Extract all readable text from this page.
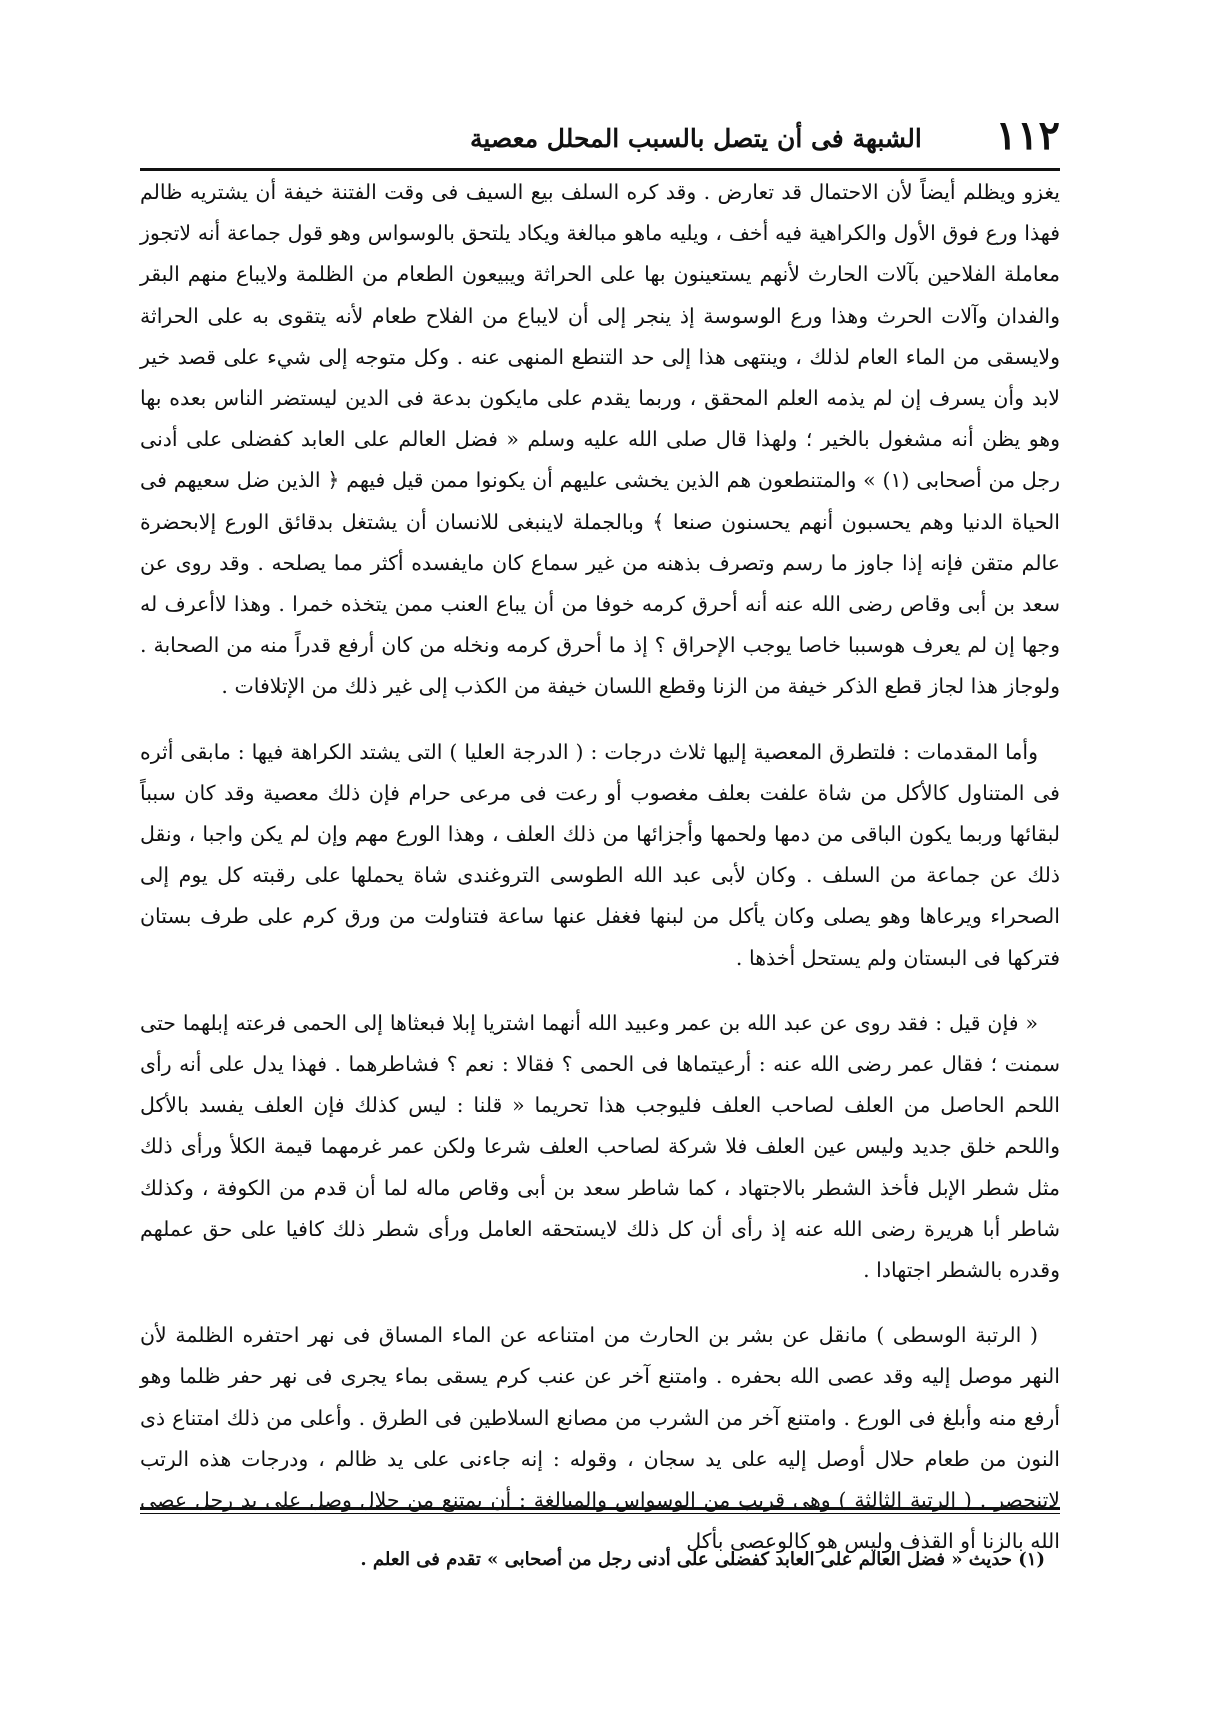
١١٢
الشبهة فى أن يتصل بالسبب المحلل معصية

يغزو ويظلم أيضاً لأن الاحتمال قد تعارض . وقد كره السلف بيع السيف فى وقت الفتنة خيفة أن يشتريه ظالم فهذا ورع فوق الأول والكراهية فيه أخف ، ويليه ماهو مبالغة ويكاد يلتحق بالوسواس وهو قول جماعة أنه لاتجوز معاملة الفلاحين بآلات الحارث لأنهم يستعينون بها على الحراثة ويبيعون الطعام من الظلمة ولايباع منهم البقر والفدان وآلات الحرث وهذا ورع الوسوسة إذ ينجر إلى أن لايباع من الفلاح طعام لأنه يتقوى به على الحراثة ولايسقى من الماء العام لذلك ، وينتهى هذا إلى حد التنطع المنهى عنه . وكل متوجه إلى شيء على قصد خير لابد وأن يسرف إن لم يذمه العلم المحقق ، وربما يقدم على مايكون بدعة فى الدين ليستضر الناس بعده بها وهو يظن أنه مشغول بالخير ؛ ولهذا قال صلى الله عليه وسلم « فضل العالم على العابد كفضلى على أدنى رجل من أصحابى (١) » والمتنطعون هم الذين يخشى عليهم أن يكونوا ممن قيل فيهم ﴿ الذين ضل سعيهم فى الحياة الدنيا وهم يحسبون أنهم يحسنون صنعا ﴾ وبالجملة لاينبغى للانسان أن يشتغل بدقائق الورع إلابحضرة عالم متقن فإنه إذا جاوز ما رسم وتصرف بذهنه من غير سماع كان مايفسده أكثر مما يصلحه . وقد روى عن سعد بن أبى وقاص رضى الله عنه أنه أحرق كرمه خوفا من أن يباع العنب ممن يتخذه خمرا . وهذا لاأعرف له وجها إن لم يعرف هوسببا خاصا يوجب الإحراق ؟ إذ ما أحرق كرمه ونخله من كان أرفع قدراً منه من الصحابة . ولوجاز هذا لجاز قطع الذكر خيفة من الزنا وقطع اللسان خيفة من الكذب إلى غير ذلك من الإتلافات .

وأما المقدمات : فلتطرق المعصية إليها ثلاث درجات : ( الدرجة العليا ) التى يشتد الكراهة فيها : مابقى أثره فى المتناول كالأكل من شاة علفت بعلف مغصوب أو رعت فى مرعى حرام فإن ذلك معصية وقد كان سبباً لبقائها وربما يكون الباقى من دمها ولحمها وأجزائها من ذلك العلف ، وهذا الورع مهم وإن لم يكن واجبا ، ونقل ذلك عن جماعة من السلف . وكان لأبى عبد الله الطوسى التروغندى شاة يحملها على رقبته كل يوم إلى الصحراء ويرعاها وهو يصلى وكان يأكل من لبنها فغفل عنها ساعة فتناولت من ورق كرم على طرف بستان فتركها فى البستان ولم يستحل أخذها .

« فإن قيل : فقد روى عن عبد الله بن عمر وعبيد الله أنهما اشتريا إبلا فبعثاها إلى الحمى فرعته إبلهما حتى سمنت ؛ فقال عمر رضى الله عنه : أرعيتماها فى الحمى ؟ فقالا : نعم ؟ فشاطرهما . فهذا يدل على أنه رأى اللحم الحاصل من العلف لصاحب العلف فليوجب هذا تحريما « قلنا : ليس كذلك فإن العلف يفسد بالأكل واللحم خلق جديد وليس عين العلف فلا شركة لصاحب العلف شرعا ولكن عمر غرمهما قيمة الكلأ ورأى ذلك مثل شطر الإبل فأخذ الشطر بالاجتهاد ، كما شاطر سعد بن أبى وقاص ماله لما أن قدم من الكوفة ، وكذلك شاطر أبا هريرة رضى الله عنه إذ رأى أن كل ذلك لايستحقه العامل ورأى شطر ذلك كافيا على حق عملهم وقدره بالشطر اجتهادا .

( الرتبة الوسطى ) مانقل عن بشر بن الحارث من امتناعه عن الماء المساق فى نهر احتفره الظلمة لأن النهر موصل إليه وقد عصى الله بحفره . وامتنع آخر عن عنب كرم يسقى بماء يجرى فى نهر حفر ظلما وهو أرفع منه وأبلغ فى الورع . وامتنع آخر من الشرب من مصانع السلاطين فى الطرق . وأعلى من ذلك امتناع ذى النون من طعام حلال أوصل إليه على يد سجان ، وقوله : إنه جاءنى على يد ظالم ، ودرجات هذه الرتب لاتنحصر . ( الرتبة الثالثة ) وهى قريب من الوسواس والمبالغة : أن يمتنع من حلال وصل على يد رجل عصى الله بالزنا أو القذف وليس هو كالوعصى بأكل

(١) حديث « فضل العالم على العابد كفضلى على أدنى رجل من أصحابى » تقدم فى العلم .
